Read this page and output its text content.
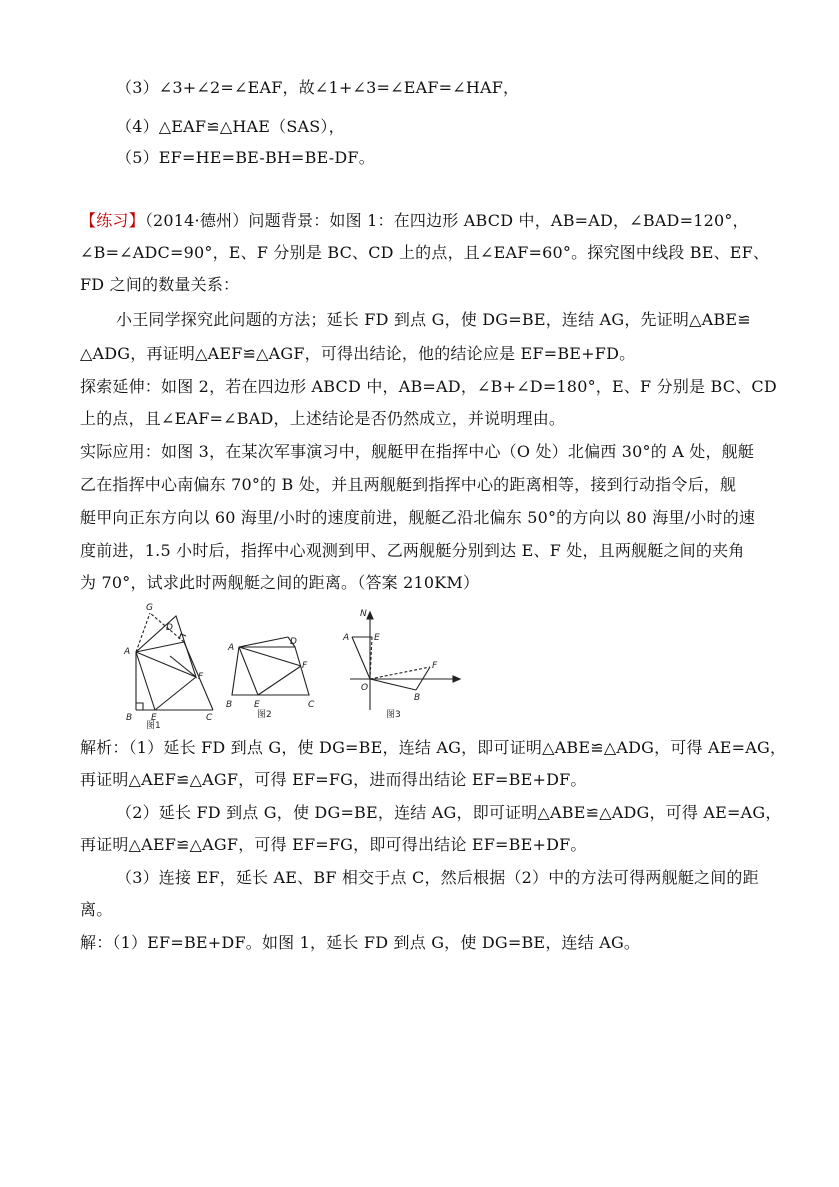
（3）∠3+∠2=∠EAF，故∠1+∠3=∠EAF=∠HAF，
（4）△EAF≌△HAE（SAS），
（5）EF=HE=BE-BH=BE-DF。
【练习】（2014·德州）问题背景：如图 1：在四边形 ABCD 中，AB=AD，∠BAD=120°，
∠B=∠ADC=90°，E、F 分别是 BC、CD 上的点，且∠EAF=60°。探究图中线段 BE、EF、
FD 之间的数量关系：
小王同学探究此问题的方法；延长 FD 到点 G，使 DG=BE，连结 AG，先证明△ABE≌
△ADG，再证明△AEF≌△AGF，可得出结论，他的结论应是 EF=BE+FD。
探索延伸：如图 2，若在四边形 ABCD 中，AB=AD，∠B+∠D=180°，E、F 分别是 BC、CD
上的点，且∠EAF=∠BAD，上述结论是否仍然成立，并说明理由。
实际应用：如图 3，在某次军事演习中，舰艇甲在指挥中心（O 处）北偏西 30°的 A 处，舰艇
乙在指挥中心南偏东 70°的 B 处，并且两舰艇到指挥中心的距离相等，接到行动指令后，舰
艇甲向正东方向以 60 海里/小时的速度前进，舰艇乙沿北偏东 50°的方向以 80 海里/小时的速
度前进，1.5 小时后，指挥中心观测到甲、乙两舰艇分别到达 E、F 处，且两舰艇之间的夹角
为 70°，试求此时两舰艇之间的距离。（答案 210KM）
G
D
A
F
B E	C
图1
A
D
F
B E	C
图2
N
A	E
F
O
B
图3
解析：（1）延长 FD 到点 G，使 DG=BE，连结 AG，即可证明△ABE≌△ADG，可得 AE=AG，
再证明△AEF≌△AGF，可得 EF=FG，进而得出结论 EF=BE+DF。
（2）延长 FD 到点 G，使 DG=BE，连结 AG，即可证明△ABE≌△ADG，可得 AE=AG，
再证明△AEF≌△AGF，可得 EF=FG，即可得出结论 EF=BE+DF。
（3）连接 EF，延长 AE、BF 相交于点 C，然后根据（2）中的方法可得两舰艇之间的距
离。
解：（1）EF=BE+DF。如图 1，延长 FD 到点 G，使 DG=BE，连结 AG。
